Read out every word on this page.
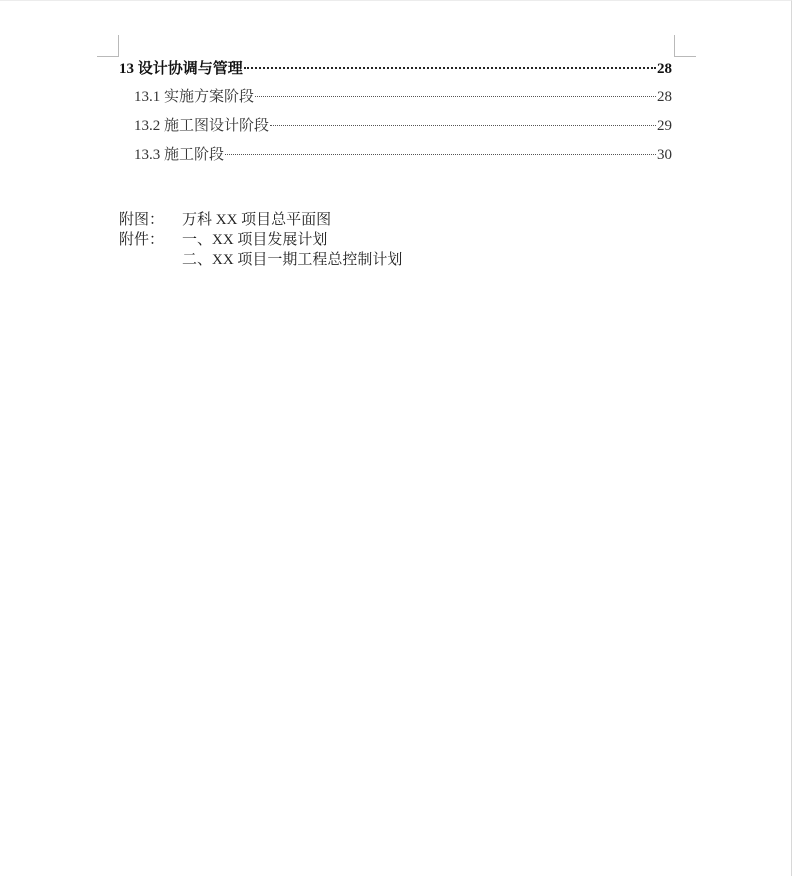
13 设计协调与管理	28
13.1 实施方案阶段	28
13.2 施工图设计阶段	29
13.3 施工阶段	30
附图：	万科 XX 项目总平面图
附件：	一、XX 项目发展计划
二、XX 项目一期工程总控制计划
